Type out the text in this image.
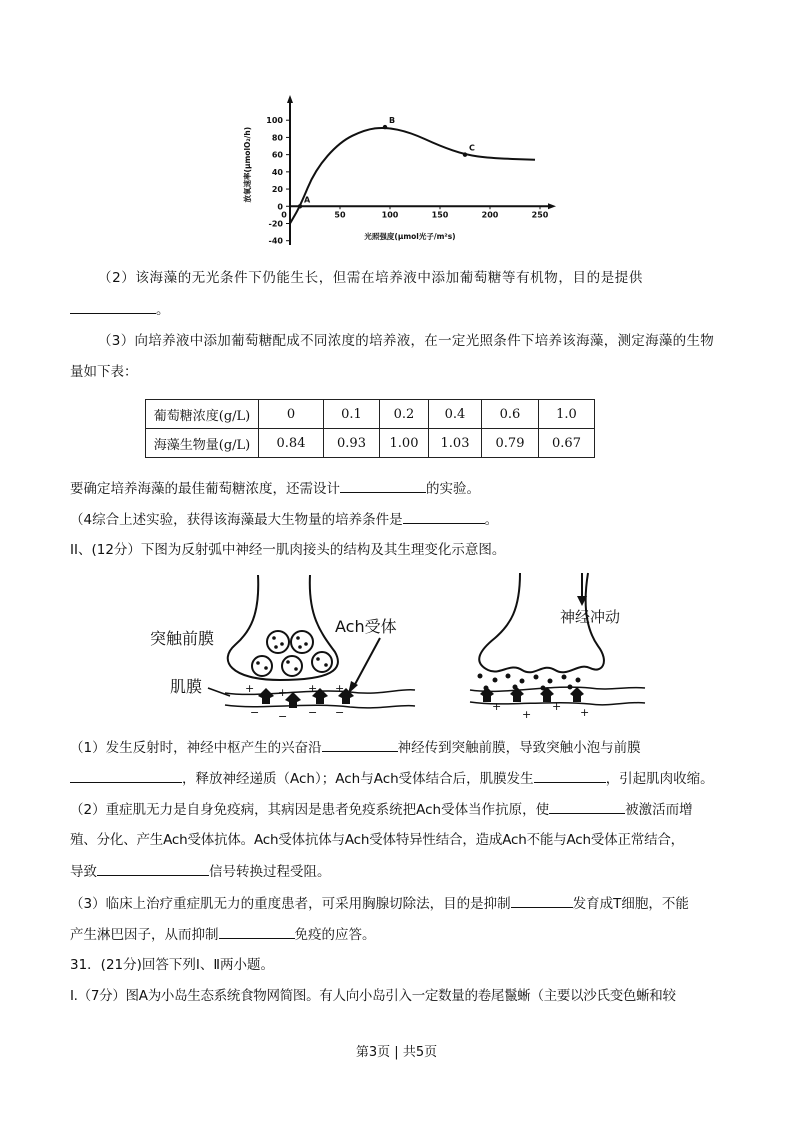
100
80
60
40
20
0
-20
-40
0	50	100	150	200	250
A
B
C
光照强度(μmol光子/m²s)
放氧速率(μmolO₂/h)
（2）该海藻的无光条件下仍能生长，但需在培养液中添加葡萄糖等有机物，目的是提供
。
（3）向培养液中添加葡萄糖配成不同浓度的培养液，在一定光照条件下培养该海藻，测定海藻的生物
量如下表：
葡萄糖浓度(g/L)	0	0.1	0.2	0.4	0.6	1.0
海藻生物量(g/L)	0.84	0.93	1.00	1.03	0.79	0.67
要确定培养海藻的最佳葡萄糖浓度，还需设计	的实验。
（4综合上述实验，获得该海藻最大生物量的培养条件是	。
II、(12分）下图为反射弧中神经一肌肉接头的结构及其生理变化示意图。
+ + + +
− − − −
突触前膜
Ach受体
肌膜
+
+
+ +
神经冲动
（1）发生反射时，神经中枢产生的兴奋沿	神经传到突触前膜，导致突触小泡与前膜
，释放神经递质（Ach）；Ach与Ach受体结合后，肌膜发生	，引起肌肉收缩。
（2）重症肌无力是自身免疫病，其病因是患者免疫系统把Ach受体当作抗原，使	被激活而增
殖、分化、产生Ach受体抗体。Ach受体抗体与Ach受体特异性结合，造成Ach不能与Ach受体正常结合，
导致	信号转换过程受阻。
（3）临床上治疗重症肌无力的重度患者，可采用胸腺切除法，目的是抑制	发育成T细胞，不能
产生淋巴因子，从而抑制	免疫的应答。
31．(21分)回答下列Ⅰ、Ⅱ两小题。
I.（7分）图A为小岛生态系统食物网简图。有人向小岛引入一定数量的卷尾鬣蜥（主要以沙氏变色蜥和较
第3页 | 共5页
